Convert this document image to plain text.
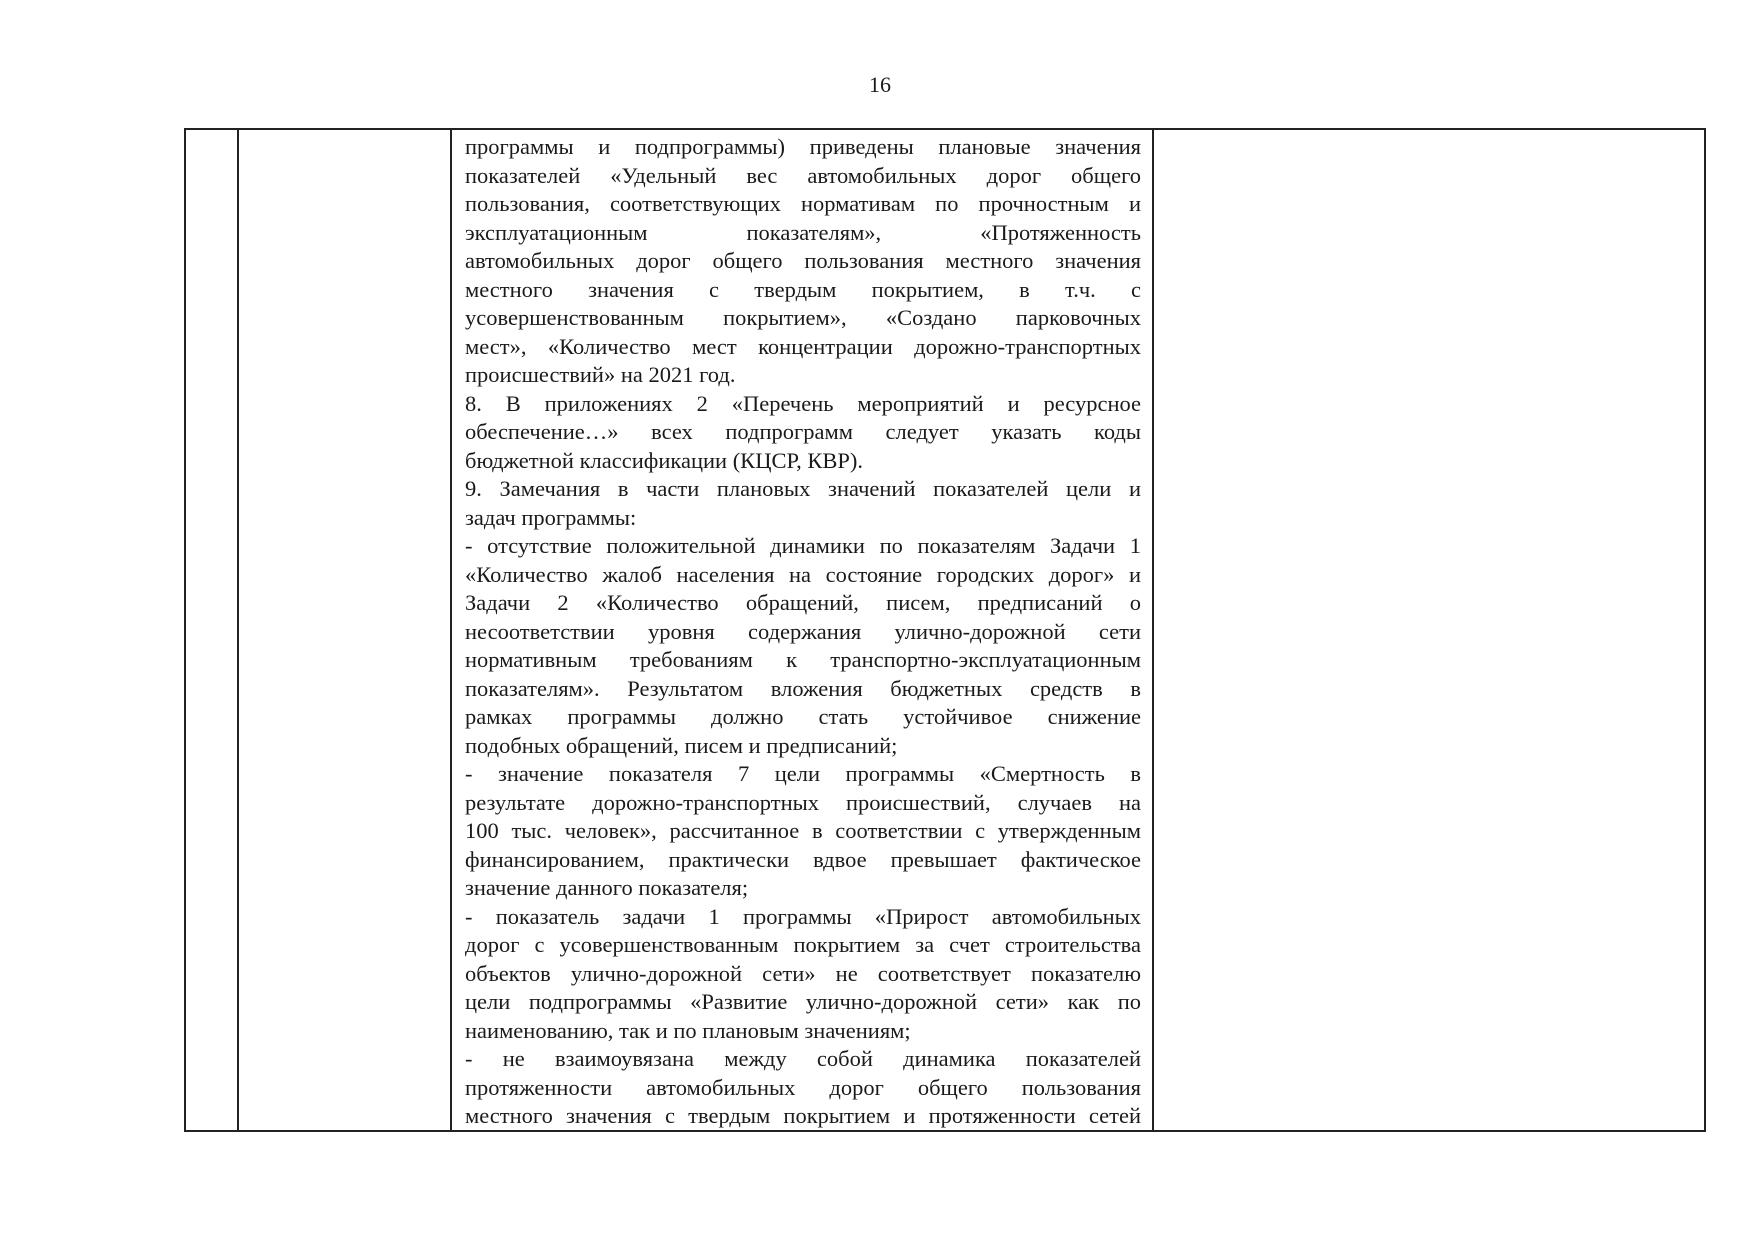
16
программы и подпрограммы) приведены плановые значения
показателей «Удельный вес автомобильных дорог общего
пользования, соответствующих нормативам по прочностным и
эксплуатационным показателям», «Протяженность
автомобильных дорог общего пользования местного значения
местного значения с твердым покрытием, в т.ч. с
усовершенствованным покрытием», «Создано парковочных
мест», «Количество мест концентрации дорожно-транспортных
происшествий» на 2021 год.
8. В приложениях 2 «Перечень мероприятий и ресурсное
обеспечение…» всех подпрограмм следует указать коды
бюджетной классификации (КЦСР, КВР).
9. Замечания в части плановых значений показателей цели и
задач программы:
- отсутствие положительной динамики по показателям Задачи 1
«Количество жалоб населения на состояние городских дорог» и
Задачи 2 «Количество обращений, писем, предписаний о
несоответствии уровня содержания улично-дорожной сети
нормативным требованиям к транспортно-эксплуатационным
показателям». Результатом вложения бюджетных средств в
рамках программы должно стать устойчивое снижение
подобных обращений, писем и предписаний;
- значение показателя 7 цели программы «Смертность в
результате дорожно-транспортных происшествий, случаев на
100 тыс. человек», рассчитанное в соответствии с утвержденным
финансированием, практически вдвое превышает фактическое
значение данного показателя;
- показатель задачи 1 программы «Прирост автомобильных
дорог с усовершенствованным покрытием за счет строительства
объектов улично-дорожной сети» не соответствует показателю
цели подпрограммы «Развитие улично-дорожной сети» как по
наименованию, так и по плановым значениям;
- не взаимоувязана между собой динамика показателей
протяженности автомобильных дорог общего пользования
местного значения с твердым покрытием и протяженности сетей
